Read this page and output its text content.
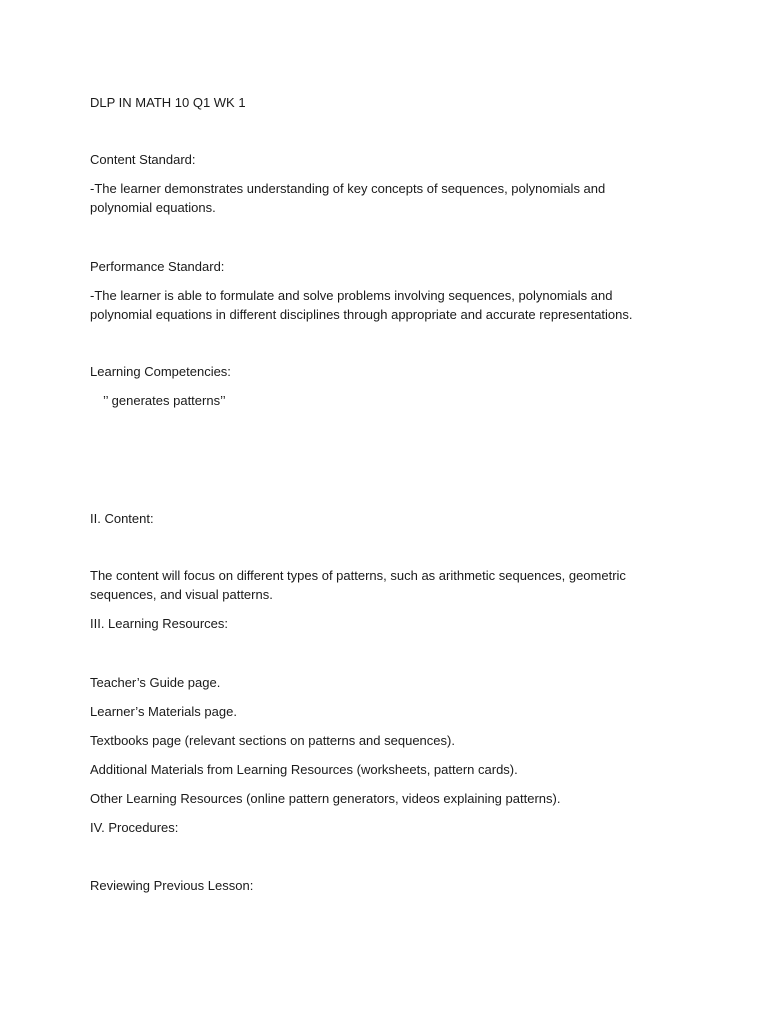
DLP IN MATH 10 Q1 WK 1
Content Standard:
-The learner demonstrates understanding of key concepts of sequences, polynomials and polynomial equations.
Performance Standard:
-The learner is able to formulate and solve problems involving sequences, polynomials and polynomial equations in different disciplines through appropriate and accurate representations.
Learning Competencies:
’’ generates patterns’’
II. Content:
The content will focus on different types of patterns, such as arithmetic sequences, geometric sequences, and visual patterns.
III. Learning Resources:
Teacher’s Guide page.
Learner’s Materials page.
Textbooks page (relevant sections on patterns and sequences).
Additional Materials from Learning Resources (worksheets, pattern cards).
Other Learning Resources (online pattern generators, videos explaining patterns).
IV. Procedures:
Reviewing Previous Lesson:
